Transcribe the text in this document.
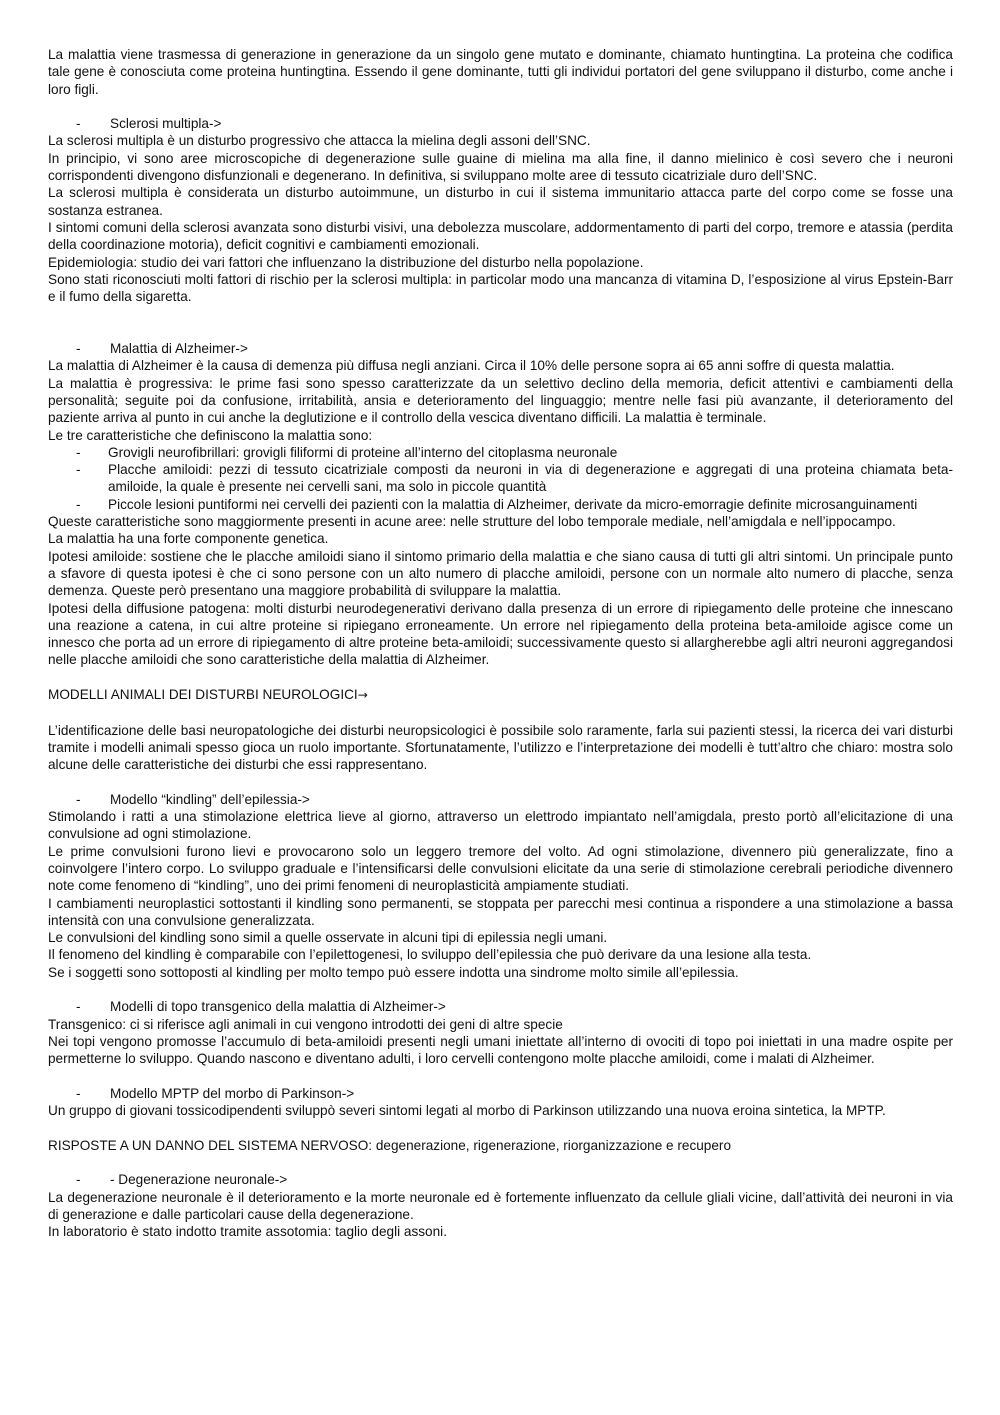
La malattia viene trasmessa di generazione in generazione da un singolo gene mutato e dominante, chiamato huntingtina. La proteina che codifica tale gene è conosciuta come proteina huntingtina. Essendo il gene dominante, tutti gli individui portatori del gene sviluppano il disturbo, come anche i loro figli.

- Sclerosi multipla->

La sclerosi multipla è un disturbo progressivo che attacca la mielina degli assoni dell’SNC.

In principio, vi sono aree microscopiche di degenerazione sulle guaine di mielina ma alla fine, il danno mielinico è così severo che i neuroni corrispondenti divengono disfunzionali e degenerano. In definitiva, si sviluppano molte aree di tessuto cicatriziale duro dell’SNC.

La sclerosi multipla è considerata un disturbo autoimmune, un disturbo in cui il sistema immunitario attacca parte del corpo come se fosse una sostanza estranea.

I sintomi comuni della sclerosi avanzata sono disturbi visivi, una debolezza muscolare, addormentamento di parti del corpo, tremore e atassia (perdita della coordinazione motoria), deficit cognitivi e cambiamenti emozionali.

Epidemiologia: studio dei vari fattori che influenzano la distribuzione del disturbo nella popolazione.

Sono stati riconosciuti molti fattori di rischio per la sclerosi multipla: in particolar modo una mancanza di vitamina D, l’esposizione al virus Epstein-Barr e il fumo della sigaretta.

- Malattia di Alzheimer->

La malattia di Alzheimer è la causa di demenza più diffusa negli anziani. Circa il 10% delle persone sopra ai 65 anni soffre di questa malattia.

La malattia è progressiva: le prime fasi sono spesso caratterizzate da un selettivo declino della memoria, deficit attentivi e cambiamenti della personalità; seguite poi da confusione, irritabilità, ansia e deterioramento del linguaggio; mentre nelle fasi più avanzante, il deterioramento del paziente arriva al punto in cui anche la deglutizione e il controllo della vescica diventano difficili. La malattia è terminale.

Le tre caratteristiche che definiscono la malattia sono:

- Grovigli neurofibrillari: grovigli filiformi di proteine all’interno del citoplasma neuronale

- Placche amiloidi: pezzi di tessuto cicatriziale composti da neuroni in via di degenerazione e aggregati di una proteina chiamata beta-amiloide, la quale è presente nei cervelli sani, ma solo in piccole quantità

- Piccole lesioni puntiformi nei cervelli dei pazienti con la malattia di Alzheimer, derivate da micro-emorragie definite microsanguinamenti

Queste caratteristiche sono maggiormente presenti in acune aree: nelle strutture del lobo temporale mediale, nell’amigdala e nell’ippocampo.

La malattia ha una forte componente genetica.

Ipotesi amiloide: sostiene che le placche amiloidi siano il sintomo primario della malattia e che siano causa di tutti gli altri sintomi. Un principale punto a sfavore di questa ipotesi è che ci sono persone con un alto numero di placche amiloidi, persone con un normale alto numero di placche, senza demenza. Queste però presentano una maggiore probabilità di sviluppare la malattia.

Ipotesi della diffusione patogena: molti disturbi neurodegenerativi derivano dalla presenza di un errore di ripiegamento delle proteine che innescano una reazione a catena, in cui altre proteine si ripiegano erroneamente. Un errore nel ripiegamento della proteina beta-amiloide agisce come un innesco che porta ad un errore di ripiegamento di altre proteine beta-amiloidi; successivamente questo si allargherebbe agli altri neuroni aggregandosi nelle placche amiloidi che sono caratteristiche della malattia di Alzheimer.

MODELLI ANIMALI DEI DISTURBI NEUROLOGICI→

L’identificazione delle basi neuropatologiche dei disturbi neuropsicologici è possibile solo raramente, farla sui pazienti stessi, la ricerca dei vari disturbi tramite i modelli animali spesso gioca un ruolo importante. Sfortunatamente, l’utilizzo e l’interpretazione dei modelli è tutt’altro che chiaro: mostra solo alcune delle caratteristiche dei disturbi che essi rappresentano.

- Modello “kindling” dell’epilessia->

Stimolando i ratti a una stimolazione elettrica lieve al giorno, attraverso un elettrodo impiantato nell’amigdala, presto portò all’elicitazione di una convulsione ad ogni stimolazione.

Le prime convulsioni furono lievi e provocarono solo un leggero tremore del volto. Ad ogni stimolazione, divennero più generalizzate, fino a coinvolgere l’intero corpo. Lo sviluppo graduale e l’intensificarsi delle convulsioni elicitate da una serie di stimolazione cerebrali periodiche divennero note come fenomeno di “kindling”, uno dei primi fenomeni di neuroplasticità ampiamente studiati.

I cambiamenti neuroplastici sottostanti il kindling sono permanenti, se stoppata per parecchi mesi continua a rispondere a una stimolazione a bassa intensità con una convulsione generalizzata.

Le convulsioni del kindling sono simil a quelle osservate in alcuni tipi di epilessia negli umani.

Il fenomeno del kindling è comparabile con l’epilettogenesi, lo sviluppo dell’epilessia che può derivare da una lesione alla testa.

Se i soggetti sono sottoposti al kindling per molto tempo può essere indotta una sindrome molto simile all’epilessia.

- Modelli di topo transgenico della malattia di Alzheimer->

Transgenico: ci si riferisce agli animali in cui vengono introdotti dei geni di altre specie

Nei topi vengono promosse l’accumulo di beta-amiloidi presenti negli umani iniettate all’interno di ovociti di topo poi iniettati in una madre ospite per permetterne lo sviluppo. Quando nascono e diventano adulti, i loro cervelli contengono molte placche amiloidi, come i malati di Alzheimer.

- Modello MPTP del morbo di Parkinson->

Un gruppo di giovani tossicodipendenti sviluppò severi sintomi legati al morbo di Parkinson utilizzando una nuova eroina sintetica, la MPTP.

RISPOSTE A UN DANNO DEL SISTEMA NERVOSO: degenerazione, rigenerazione, riorganizzazione e recupero

- - Degenerazione neuronale->

La degenerazione neuronale è il deterioramento e la morte neuronale ed è fortemente influenzato da cellule gliali vicine, dall’attività dei neuroni in via di generazione e dalle particolari cause della degenerazione.

In laboratorio è stato indotto tramite assotomia: taglio degli assoni.
